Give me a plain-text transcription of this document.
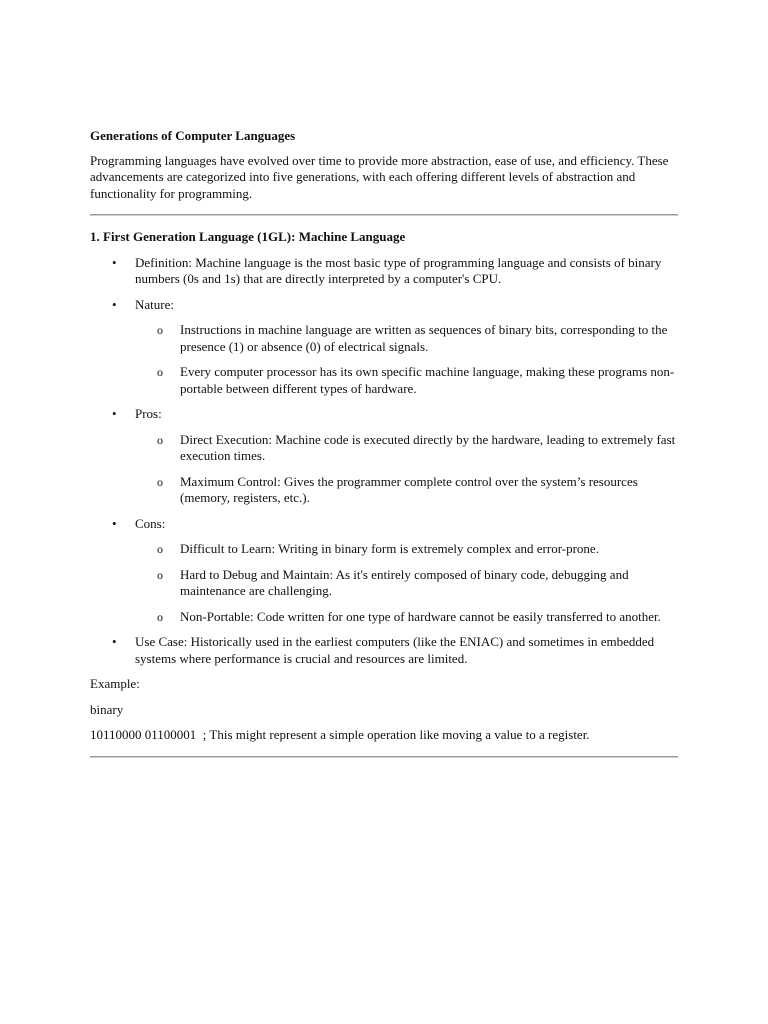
Generations of Computer Languages

Programming languages have evolved over time to provide more abstraction, ease of use, and efficiency. These advancements are categorized into five generations, with each offering different levels of abstraction and functionality for programming.

1. First Generation Language (1GL): Machine Language
• Definition: Machine language is the most basic type of programming language and consists of binary numbers (0s and 1s) that are directly interpreted by a computer's CPU.
• Nature:
o Instructions in machine language are written as sequences of binary bits, corresponding to the presence (1) or absence (0) of electrical signals.
o Every computer processor has its own specific machine language, making these programs non-portable between different types of hardware.
• Pros:
o Direct Execution: Machine code is executed directly by the hardware, leading to extremely fast execution times.
o Maximum Control: Gives the programmer complete control over the system’s resources (memory, registers, etc.).
• Cons:
o Difficult to Learn: Writing in binary form is extremely complex and error-prone.
o Hard to Debug and Maintain: As it's entirely composed of binary code, debugging and maintenance are challenging.
o Non-Portable: Code written for one type of hardware cannot be easily transferred to another.
• Use Case: Historically used in the earliest computers (like the ENIAC) and sometimes in embedded systems where performance is crucial and resources are limited.

Example:

binary

10110000 01100001  ; This might represent a simple operation like moving a value to a register.
